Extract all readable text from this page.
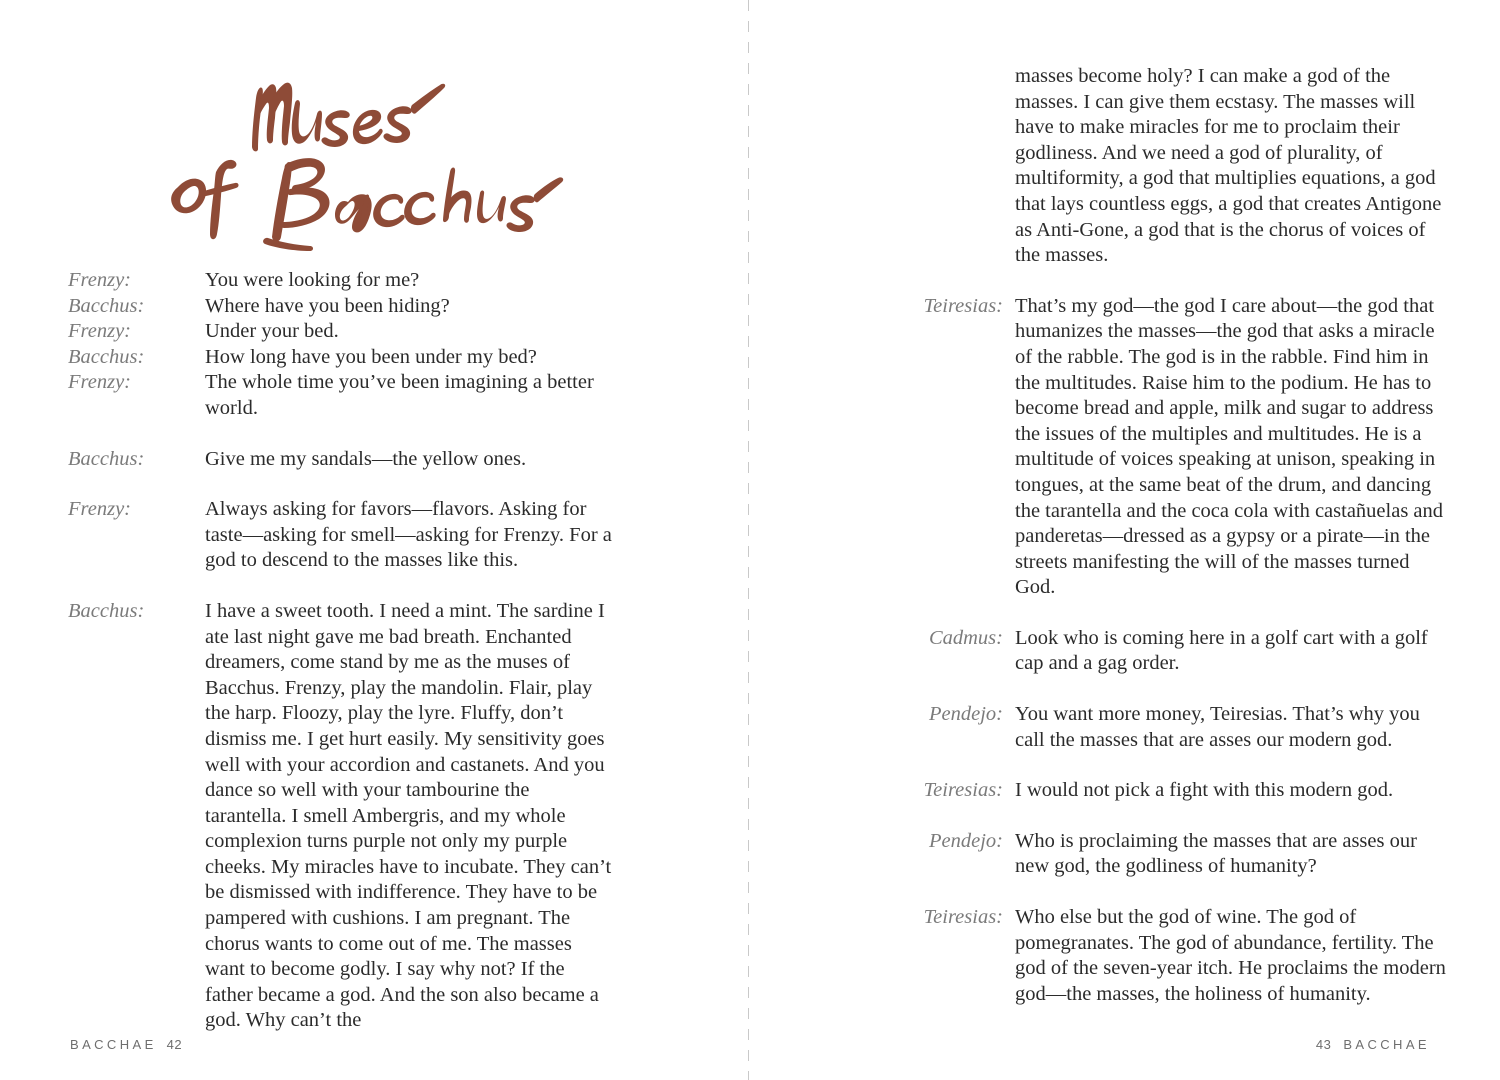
Frenzy:	You were looking for me?
Bacchus:	Where have you been hiding?
Frenzy:	Under your bed.
Bacchus:	How long have you been under my bed?
Frenzy:	The whole time you’ve been imagining a better world.
Bacchus:	Give me my sandals—the yellow ones.
Frenzy:	Always asking for favors—flavors. Asking for taste—asking for smell—asking for Frenzy. For a god to descend to the masses like this.
Bacchus:	I have a sweet tooth. I need a mint. The sardine I ate last night gave me bad breath. Enchanted dreamers, come stand by me as the muses of Bacchus. Frenzy, play the mandolin. Flair, play the harp. Floozy, play the lyre. Fluffy, don’t dismiss me. I get hurt easily. My sensitivity goes well with your accordion and castanets. And you dance so well with your tambourine the tarantella. I smell Ambergris, and my whole complexion turns purple not only my purple cheeks. My miracles have to incubate. They can’t be dismissed with indifference. They have to be pampered with cushions. I am pregnant. The chorus wants to come out of me. The masses want to become godly. I say why not? If the father became a god. And the son also became a god. Why can’t the
BACCHAE 42

masses become holy? I can make a god of the masses. I can give them ecstasy. The masses will have to make miracles for me to proclaim their godliness. And we need a god of plurality, of multiformity, a god that multiplies equations, a god that lays countless eggs, a god that creates Antigone as Anti-Gone, a god that is the chorus of voices of the masses.

Teiresias: That’s my god—the god I care about—the god that humanizes the masses—the god that asks a miracle of the rabble. The god is in the rabble. Find him in the multitudes. Raise him to the podium. He has to become bread and apple, milk and sugar to address the issues of the multiples and multitudes. He is a multitude of voices speaking at unison, speaking in tongues, at the same beat of the drum, and dancing the tarantella and the coca cola with castañuelas and panderetas—dressed as a gypsy or a pirate—in the streets manifesting the will of the masses turned God.
Cadmus: Look who is coming here in a golf cart with a golf cap and a gag order.
Pendejo: You want more money, Teiresias. That’s why you call the masses that are asses our modern god.
Teiresias: I would not pick a fight with this modern god.
Pendejo: Who is proclaiming the masses that are asses our new god, the godliness of humanity?
Teiresias: Who else but the god of wine. The god of pomegranates. The god of abundance, fertility. The god of the seven-year itch. He proclaims the modern god—the masses, the holiness of humanity.
43 BACCHAE
